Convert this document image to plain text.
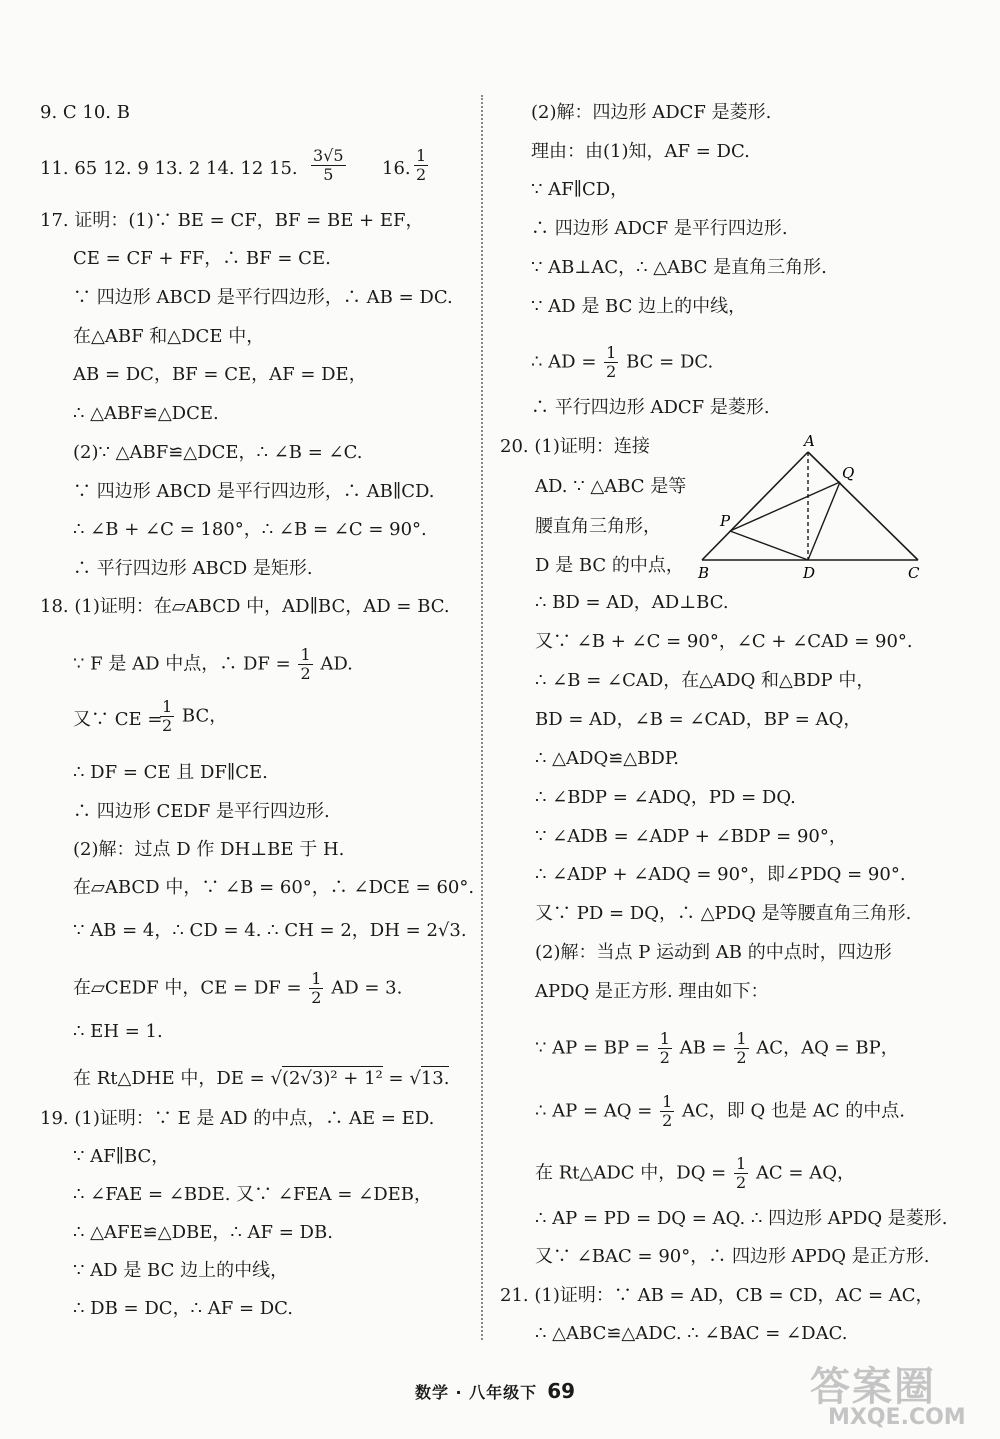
$\frac{3√5}{5} 16$. $\frac{1}{2}$
∵ F 是 AD 中点，∴ DF = $\frac{1}{2}$ AD.
$\frac{1}{2}$ BC，
在▱CEDF 中，CE = DF = $\frac{1}{2}$ AD = 3.
在 Rt△DHE 中，DE = √(2√3)² + 1² = √13.
9. C 10. B
11. 65 12. 9 13. 2 14. 12 15.
17. 证明：(1)∵ BE = CF，BF = BE + EF，
CE = CF + FF，∴ BF = CE.
∵ 四边形 ABCD 是平行四边形，∴ AB = DC.
在△ABF 和△DCE 中，
AB = DC，BF = CE，AF = DE，
∴ △ABF≌△DCE.
(2)∵ △ABF≌△DCE，∴ ∠B = ∠C.
∵ 四边形 ABCD 是平行四边形，∴ AB∥CD.
∴ ∠B + ∠C = 180°，∴ ∠B = ∠C = 90°.
∴ 平行四边形 ABCD 是矩形.
18. (1)证明：在▱ABCD 中，AD∥BC，AD = BC.
又∵ CE =
∴ DF = CE 且 DF∥CE.
∴ 四边形 CEDF 是平行四边形.
(2)解：过点 D 作 DH⊥BE 于 H.
在▱ABCD 中，∵ ∠B = 60°，∴ ∠DCE = 60°.
∵ AB = 4，∴ CD = 4. ∴ CH = 2，DH = 2√3.
∴ EH = 1.
19. (1)证明：∵ E 是 AD 的中点，∴ AE = ED.
∵ AF∥BC，
∴ ∠FAE = ∠BDE. 又∵ ∠FEA = ∠DEB，
∴ △AFE≌△DBE，∴ AF = DB.
∵ AD 是 BC 边上的中线，
∴ DB = DC，∴ AF = DC.
∴ AD = $\frac{1}{2}$ BC = DC.
A
Q
P
B	D	C
∵ AP = BP = $\frac{1}{2}$ AB = $\frac{1}{2}$ AC，AQ = BP，
∴ AP = AQ = $\frac{1}{2}$ AC，即 Q 也是 AC 的中点.
在 Rt△ADC 中，DQ = $\frac{1}{2}$ AC = AQ，
(2)解：四边形 ADCF 是菱形.
理由：由(1)知，AF = DC.
∵ AF∥CD，
∴ 四边形 ADCF 是平行四边形.
∵ AB⊥AC，∴ △ABC 是直角三角形.
∵ AD 是 BC 边上的中线，
∴ 平行四边形 ADCF 是菱形.
20. (1)证明：连接
AD. ∵ △ABC 是等
腰直角三角形，
D 是 BC 的中点，
∴ BD = AD，AD⊥BC.
又∵ ∠B + ∠C = 90°，∠C + ∠CAD = 90°.
∴ ∠B = ∠CAD，在△ADQ 和△BDP 中，
BD = AD，∠B = ∠CAD，BP = AQ，
∴ △ADQ≌△BDP.
∴ ∠BDP = ∠ADQ，PD = DQ.
∵ ∠ADB = ∠ADP + ∠BDP = 90°，
∴ ∠ADP + ∠ADQ = 90°，即∠PDQ = 90°.
又∵ PD = DQ，∴ △PDQ 是等腰直角三角形.
(2)解：当点 P 运动到 AB 的中点时，四边形
APDQ 是正方形. 理由如下：
∴ AP = PD = DQ = AQ. ∴ 四边形 APDQ 是菱形.
又∵ ∠BAC = 90°，∴ 四边形 APDQ 是正方形.
21. (1)证明：∵ AB = AD，CB = CD，AC = AC，
∴ △ABC≌△ADC. ∴ ∠BAC = ∠DAC.
数学 · 八年级下 69	答案圈
MXQE.COM
